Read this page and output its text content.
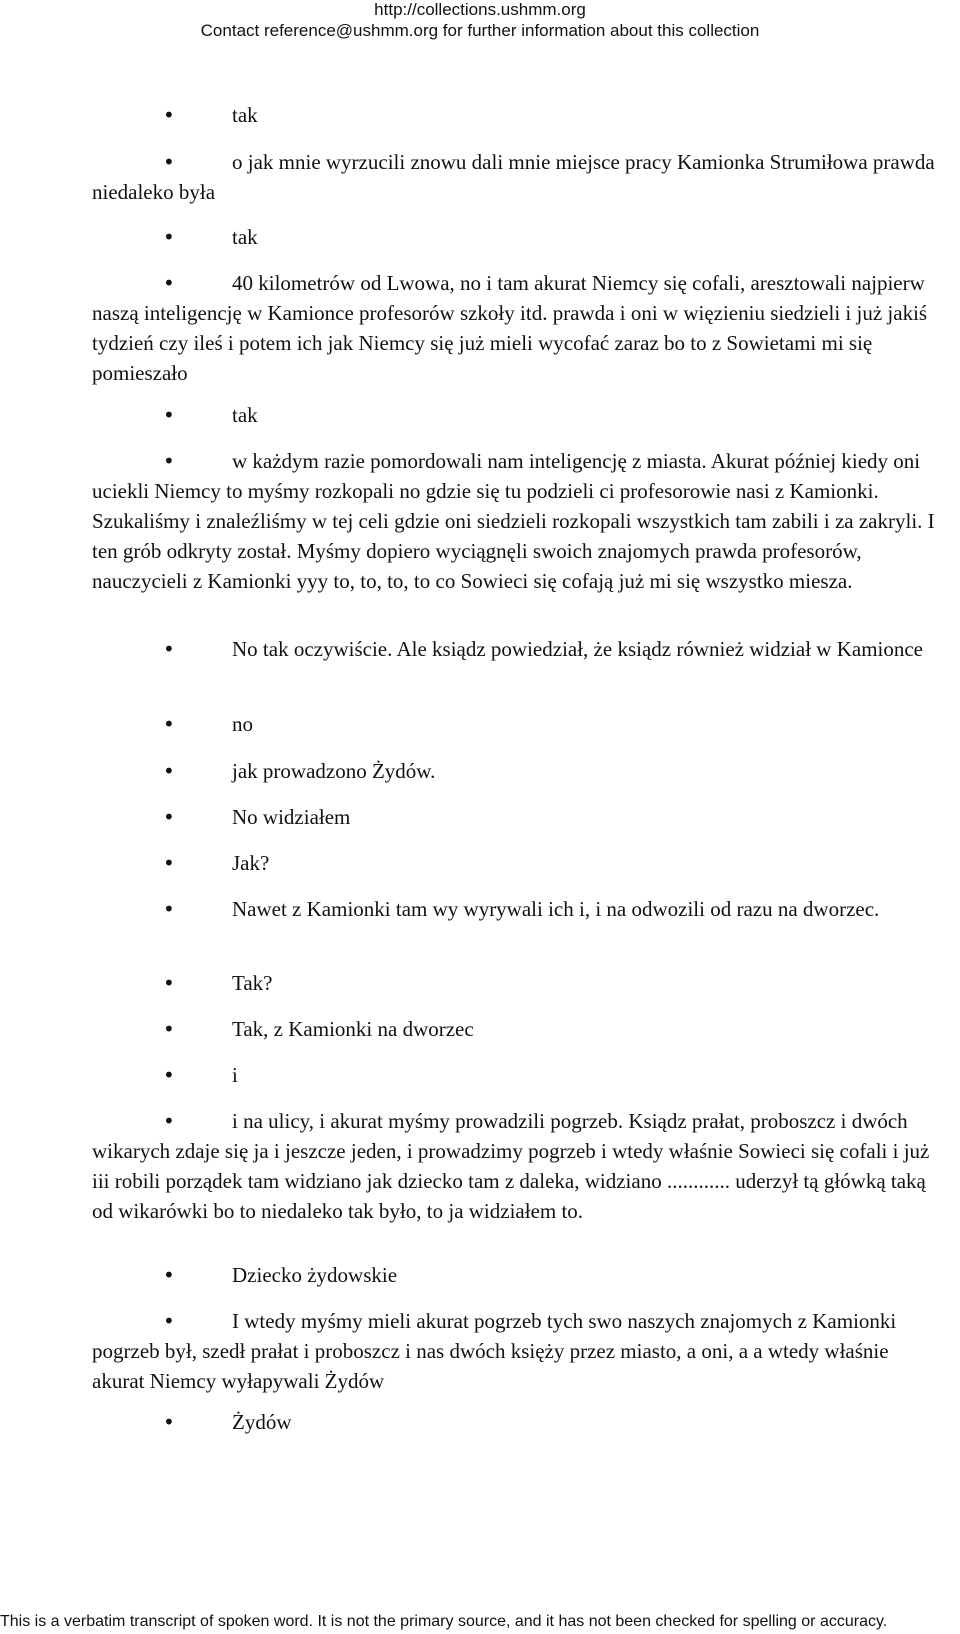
http://collections.ushmm.org
Contact reference@ushmm.org for further information about this collection
•	tak

•	o jak mnie wyrzucili znowu dali mnie miejsce pracy Kamionka Strumiłowa prawda niedaleko była

•	tak

•	40 kilometrów od Lwowa, no i tam akurat Niemcy się cofali, aresztowali najpierw naszą inteligencję w Kamionce profesorów szkoły itd. prawda i oni w więzieniu siedzieli i już jakiś tydzień czy ileś i potem ich jak Niemcy się już mieli wycofać zaraz bo to z Sowietami mi się pomieszało

•	tak

•	w każdym razie pomordowali nam inteligencję z miasta. Akurat później kiedy oni uciekli Niemcy to myśmy rozkopali no gdzie się tu podzieli ci profesorowie nasi z Kamionki. Szukaliśmy i znaleźliśmy w tej celi gdzie oni siedzieli rozkopali wszystkich tam zabili i za zakryli. I ten grób odkryty został. Myśmy dopiero wyciągnęli swoich znajomych prawda profesorów, nauczycieli z Kamionki yyy to, to, to, to co Sowieci się cofają już mi się wszystko miesza.

•	No tak oczywiście. Ale ksiądz powiedział, że ksiądz również widział w Kamionce

•	no

•	jak prowadzono Żydów.

•	No widziałem

•	Jak?

•	Nawet z Kamionki tam wy wyrywali ich i, i na odwozili od razu na dworzec.

•	Tak?

•	Tak, z Kamionki na dworzec

•	i

•	i na ulicy, i akurat myśmy prowadzili pogrzeb. Ksiądz prałat, proboszcz i dwóch wikarych zdaje się ja i jeszcze jeden, i prowadzimy pogrzeb i wtedy właśnie Sowieci się cofali i już iii robili porządek tam widziano jak dziecko tam z daleka, widziano ............ uderzył tą główką taką od wikarówki bo to niedaleko tak było, to ja widziałem to.

•	Dziecko żydowskie

•	I wtedy myśmy mieli akurat pogrzeb tych swo naszych znajomych z Kamionki pogrzeb był, szedł prałat i proboszcz i nas dwóch księży przez miasto, a oni, a a wtedy właśnie akurat Niemcy wyłapywali Żydów

•	Żydów

This is a verbatim transcript of spoken word. It is not the primary source, and it has not been checked for spelling or accuracy.
